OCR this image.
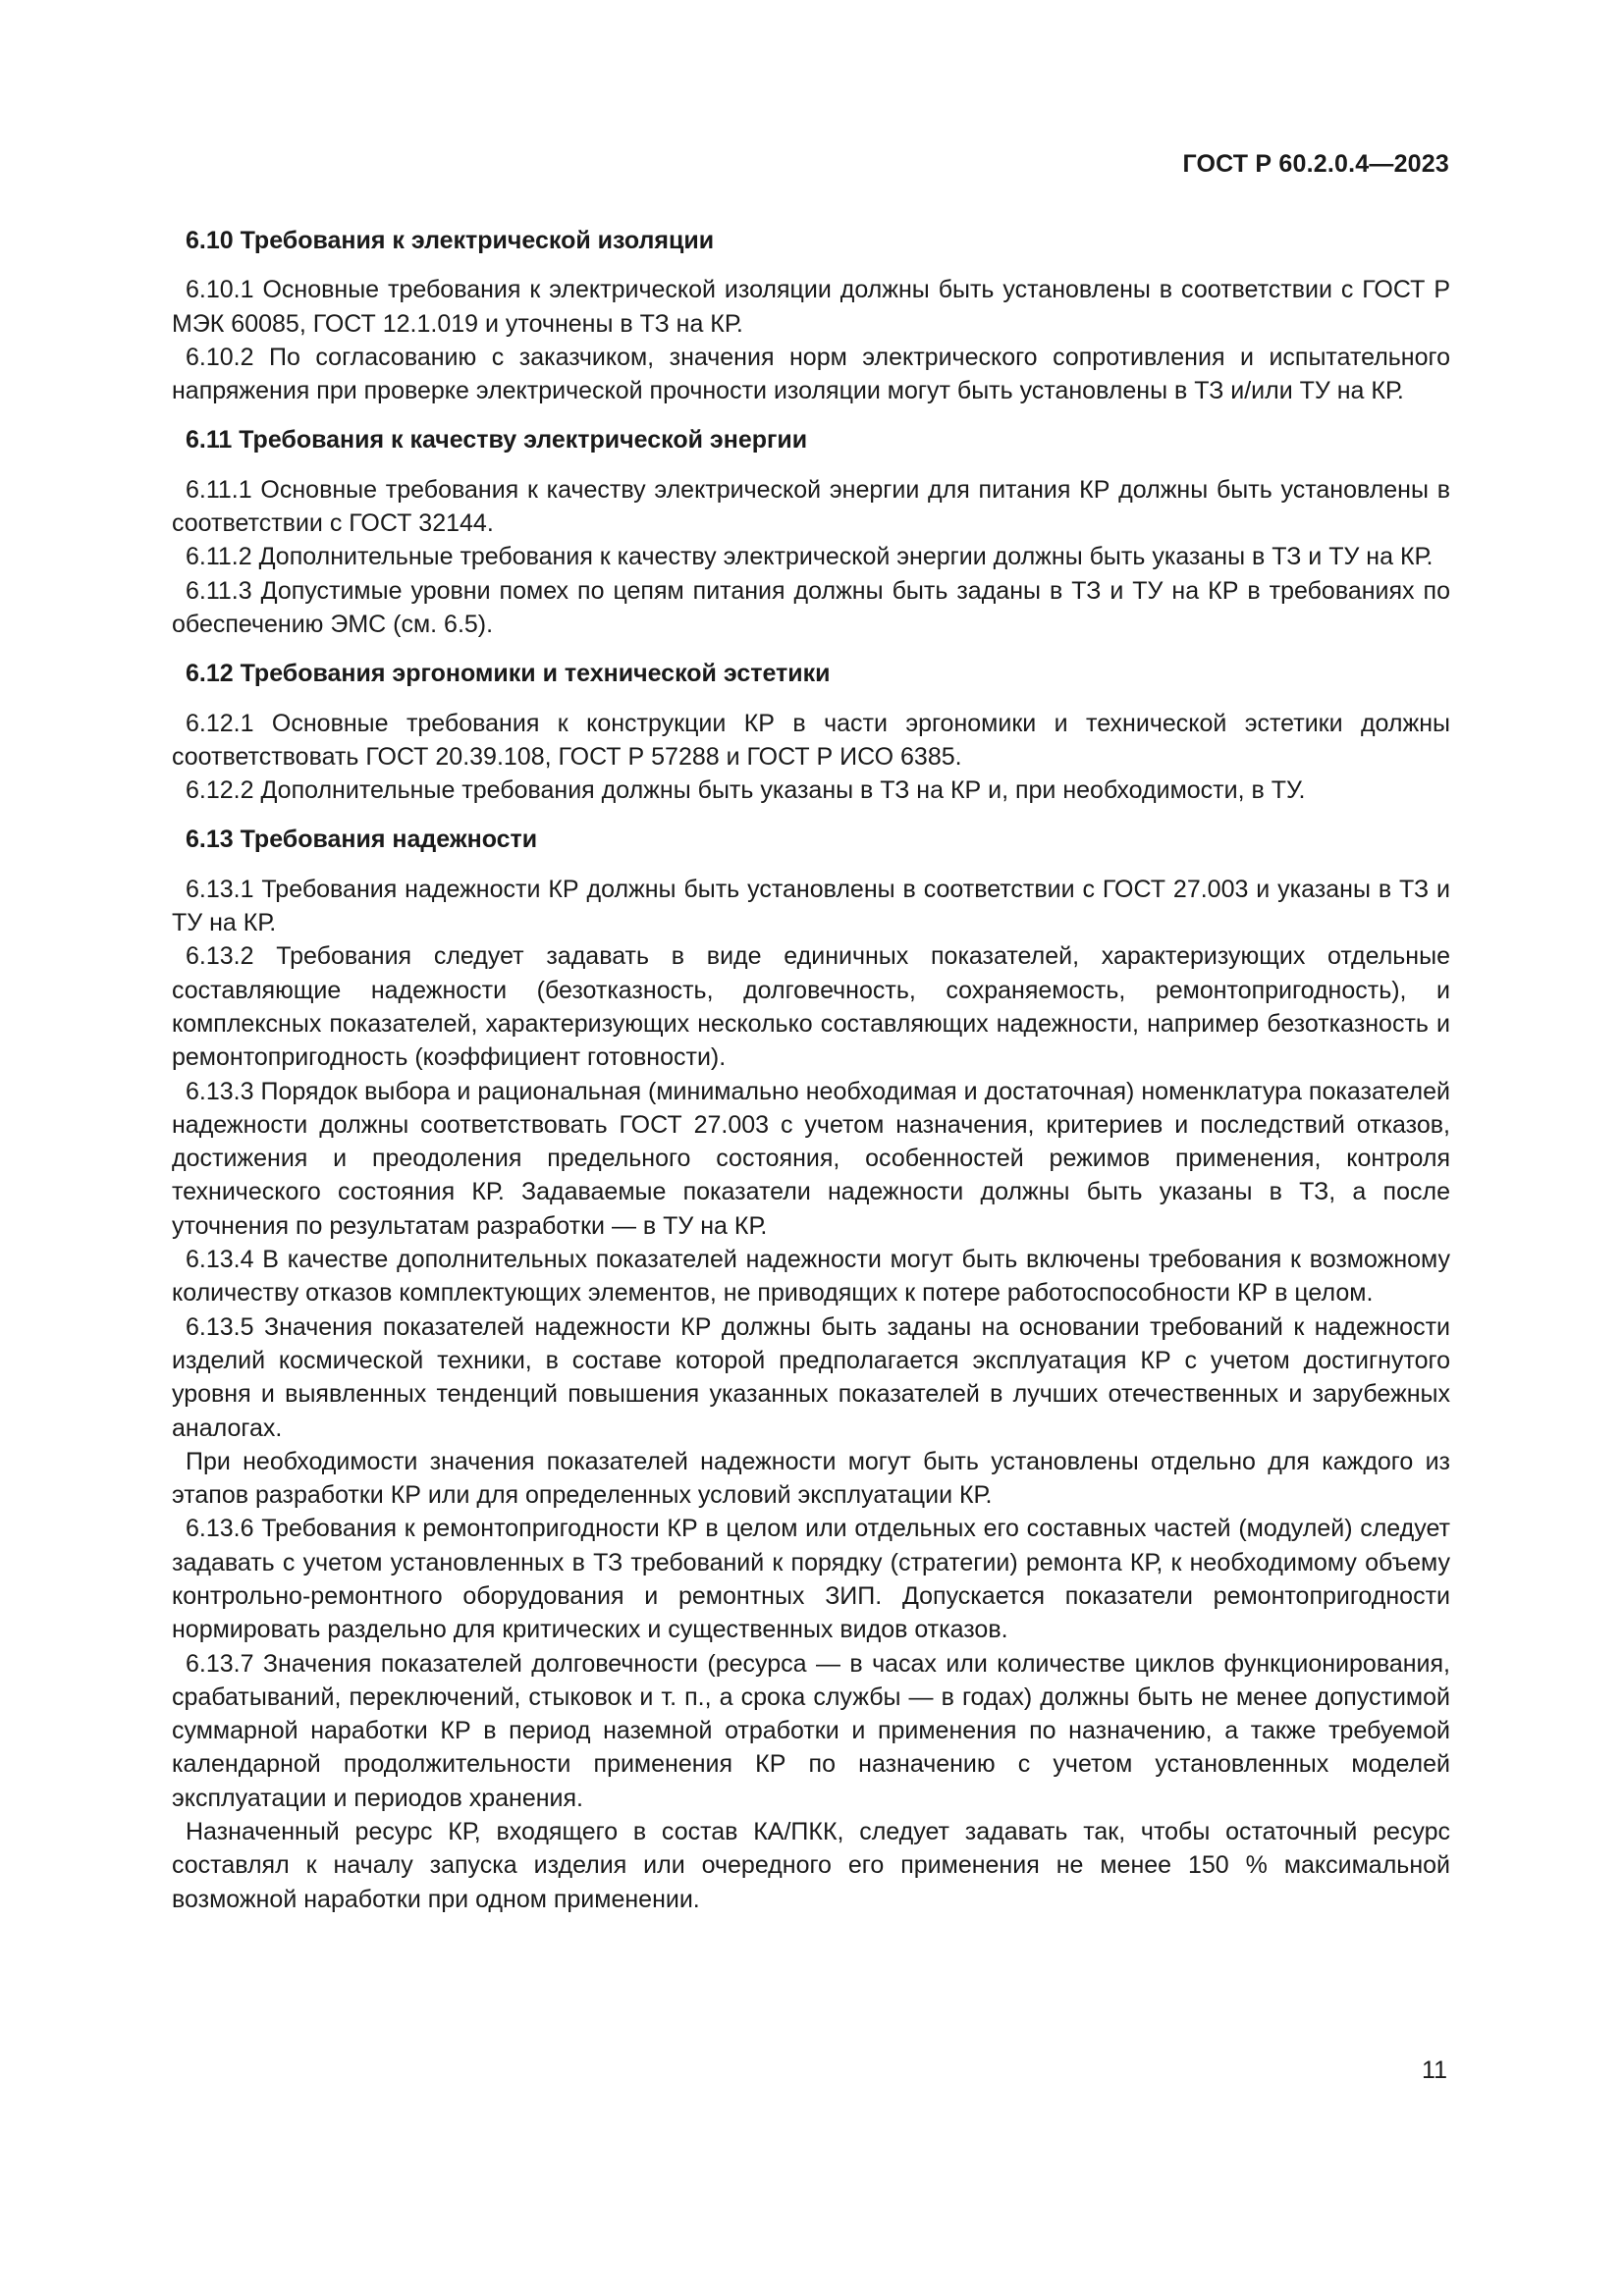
ГОСТ Р 60.2.0.4—2023

6.10 Требования к электрической изоляции

6.10.1 Основные требования к электрической изоляции должны быть установлены в соответствии с ГОСТ Р МЭК 60085, ГОСТ 12.1.019 и уточнены в ТЗ на КР.

6.10.2 По согласованию с заказчиком, значения норм электрического сопротивления и испытательного напряжения при проверке электрической прочности изоляции могут быть установлены в ТЗ и/или ТУ на КР.

6.11 Требования к качеству электрической энергии

6.11.1 Основные требования к качеству электрической энергии для питания КР должны быть установлены в соответствии с ГОСТ 32144.

6.11.2 Дополнительные требования к качеству электрической энергии должны быть указаны в ТЗ и ТУ на КР.

6.11.3 Допустимые уровни помех по цепям питания должны быть заданы в ТЗ и ТУ на КР в требованиях по обеспечению ЭМС (см. 6.5).

6.12 Требования эргономики и технической эстетики

6.12.1 Основные требования к конструкции КР в части эргономики и технической эстетики должны соответствовать ГОСТ 20.39.108, ГОСТ Р 57288 и ГОСТ Р ИСО 6385.

6.12.2 Дополнительные требования должны быть указаны в ТЗ на КР и, при необходимости, в ТУ.

6.13 Требования надежности

6.13.1 Требования надежности КР должны быть установлены в соответствии с ГОСТ 27.003 и указаны в ТЗ и ТУ на КР.

6.13.2 Требования следует задавать в виде единичных показателей, характеризующих отдельные составляющие надежности (безотказность, долговечность, сохраняемость, ремонтопригодность), и комплексных показателей, характеризующих несколько составляющих надежности, например безотказность и ремонтопригодность (коэффициент готовности).

6.13.3 Порядок выбора и рациональная (минимально необходимая и достаточная) номенклатура показателей надежности должны соответствовать ГОСТ 27.003 с учетом назначения, критериев и последствий отказов, достижения и преодоления предельного состояния, особенностей режимов применения, контроля технического состояния КР. Задаваемые показатели надежности должны быть указаны в ТЗ, а после уточнения по результатам разработки — в ТУ на КР.

6.13.4 В качестве дополнительных показателей надежности могут быть включены требования к возможному количеству отказов комплектующих элементов, не приводящих к потере работоспособности КР в целом.

6.13.5 Значения показателей надежности КР должны быть заданы на основании требований к надежности изделий космической техники, в составе которой предполагается эксплуатация КР с учетом достигнутого уровня и выявленных тенденций повышения указанных показателей в лучших отечественных и зарубежных аналогах.

При необходимости значения показателей надежности могут быть установлены отдельно для каждого из этапов разработки КР или для определенных условий эксплуатации КР.

6.13.6 Требования к ремонтопригодности КР в целом или отдельных его составных частей (модулей) следует задавать с учетом установленных в ТЗ требований к порядку (стратегии) ремонта КР, к необходимому объему контрольно-ремонтного оборудования и ремонтных ЗИП. Допускается показатели ремонтопригодности нормировать раздельно для критических и существенных видов отказов.

6.13.7 Значения показателей долговечности (ресурса — в часах или количестве циклов функционирования, срабатываний, переключений, стыковок и т. п., а срока службы — в годах) должны быть не менее допустимой суммарной наработки КР в период наземной отработки и применения по назначению, а также требуемой календарной продолжительности применения КР по назначению с учетом установленных моделей эксплуатации и периодов хранения.

Назначенный ресурс КР, входящего в состав КА/ПКК, следует задавать так, чтобы остаточный ресурс составлял к началу запуска изделия или очередного его применения не менее 150 % максимальной возможной наработки при одном применении.

11
